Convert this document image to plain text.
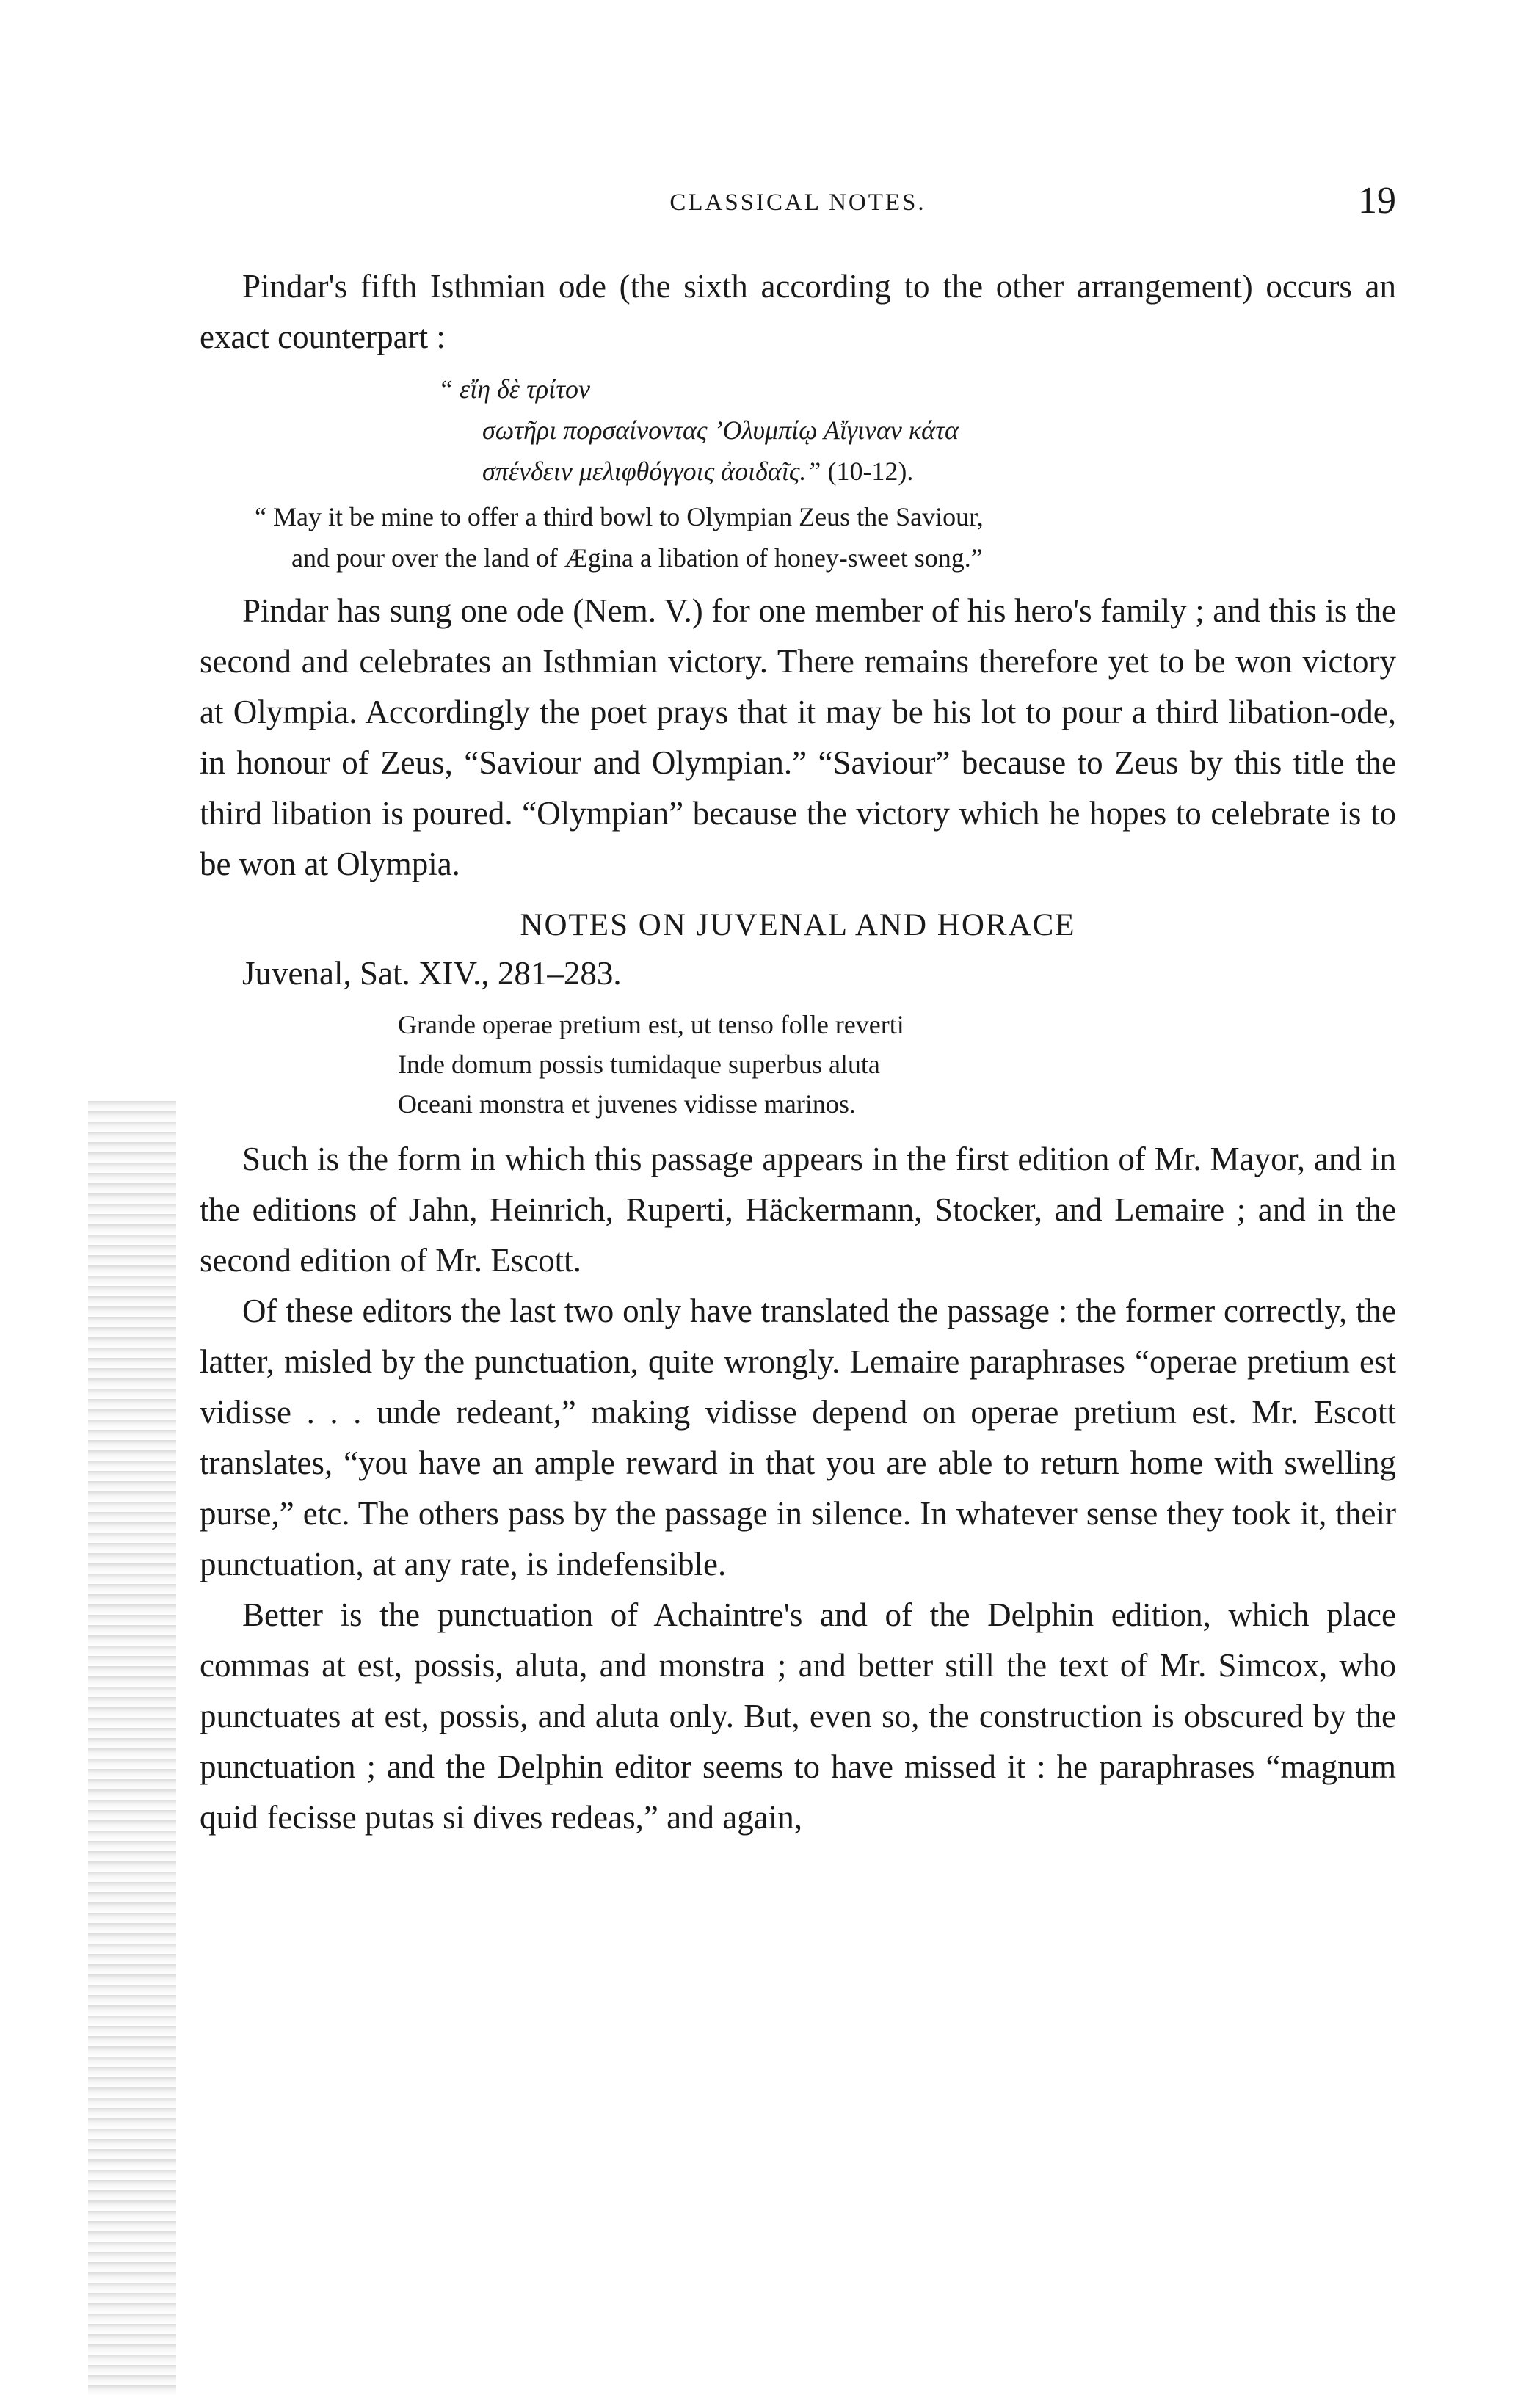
CLASSICAL NOTES.	19

Pindar's fifth Isthmian ode (the sixth according to the other arrangement) occurs an exact counterpart :

“ εἴη δὲ τρίτον
σωτῆρι πορσαίνοντας ’Ολυμπίῳ Αἴγιναν κάτα
σπένδειν μελιφθόγγοις ἀοιδαῖς.” (10-12).
“ May it be mine to offer a third bowl to Olympian Zeus the Saviour,
and pour over the land of Ægina a libation of honey-sweet song.”

Pindar has sung one ode (Nem. V.) for one member of his hero's family ; and this is the second and celebrates an Isthmian victory. There remains therefore yet to be won victory at Olympia. Accordingly the poet prays that it may be his lot to pour a third libation-ode, in honour of Zeus, “Saviour and Olympian.” “Saviour” because to Zeus by this title the third libation is poured. “Olympian” because the victory which he hopes to celebrate is to be won at Olympia.

NOTES ON JUVENAL AND HORACE
Juvenal, Sat. XIV., 281–283.
Grande operae pretium est, ut tenso folle reverti
Inde domum possis tumidaque superbus aluta
Oceani monstra et juvenes vidisse marinos.

Such is the form in which this passage appears in the first edition of Mr. Mayor, and in the editions of Jahn, Heinrich, Ruperti, Häckermann, Stocker, and Lemaire ; and in the second edition of Mr. Escott.

Of these editors the last two only have translated the passage : the former correctly, the latter, misled by the punctuation, quite wrongly. Lemaire paraphrases “operae pretium est vidisse . . . unde redeant,” making vidisse depend on operae pretium est. Mr. Escott translates, “you have an ample reward in that you are able to return home with swelling purse,” etc. The others pass by the passage in silence. In whatever sense they took it, their punctuation, at any rate, is indefensible.

Better is the punctuation of Achaintre's and of the Delphin edition, which place commas at est, possis, aluta, and monstra ; and better still the text of Mr. Simcox, who punctuates at est, possis, and aluta only. But, even so, the construction is obscured by the punctuation ; and the Delphin editor seems to have missed it : he paraphrases “magnum quid fecisse putas si dives redeas,” and again,
